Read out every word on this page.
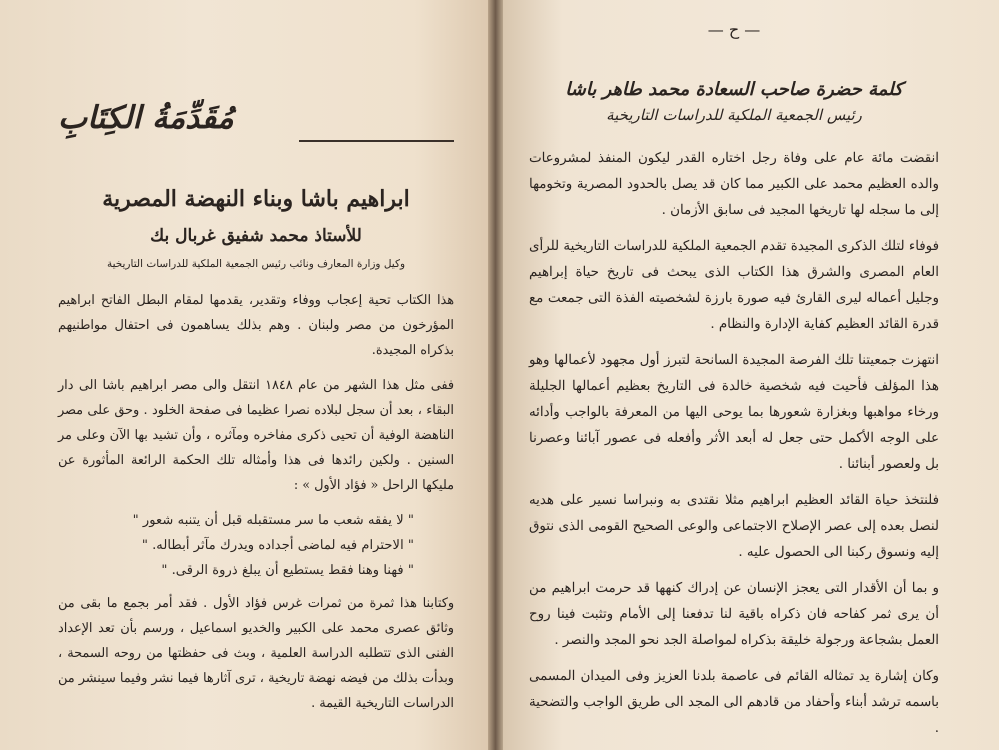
مُقَدِّمَةُ الكِتَابِ
ابراهيم باشا وبناء النهضة المصرية
للأستاذ محمد شفيق غربال بك
وكيل وزارة المعارف ونائب رئيس الجمعية الملكية للدراسات التاريخية

هذا الكتاب تحية إعجاب ووفاء وتقدير، يقدمها لمقام البطل الفاتح ابراهيم المؤرخون من مصر ولبنان . وهم بذلك يساهمون فى احتفال مواطنيهم بذكراه المجيدة.

ففى مثل هذا الشهر من عام ١٨٤٨ انتقل والى مصر ابراهيم باشا الى دار البقاء ، بعد أن سجل لبلاده نصرا عظيما فى صفحة الخلود . وحق على مصر الناهضة الوفية أن تحيى ذكرى مفاخره ومآثره ، وأن تشيد بها الآن وعلى مر السنين . ولكين رائدها فى هذا وأمثاله تلك الحكمة الرائعة المأثورة عن مليكها الراحل « فؤاد الأول » :

" لا يفقه شعب ما سر مستقبله قبل أن يتنبه شعور "

" الاحترام فيه لماضى أجداده ويدرك مآثر أبطاله. "

" فهنا وهنا فقط يستطيع أن يبلغ ذروة الرقى. "

وكتابنا هذا ثمرة من ثمرات غرس فؤاد الأول . فقد أمر بجمع ما بقى من وثائق عصرى محمد على الكبير والخديو اسماعيل ، ورسم بأن تعد الإعداد الفنى الذى تتطلبه الدراسة العلمية ، وبث فى حفظتها من روحه السمحة ، وبدأت بذلك من فيضه نهضة تاريخية ، ترى آثارها فيما نشر وفيما سينشر من الدراسات التاريخية القيمة .

— ح —
كلمة حضرة صاحب السعادة محمد طاهر باشا
رئيس الجمعية الملكية للدراسات التاريخية

انقضت مائة عام على وفاة رجل اختاره القدر ليكون المنفذ لمشروعات والده العظيم محمد على الكبير مما كان قد يصل بالحدود المصرية وتخومها إلى ما سجله لها تاريخها المجيد فى سابق الأزمان .

فوفاء لتلك الذكرى المجيدة تقدم الجمعية الملكية للدراسات التاريخية للرأى العام المصرى والشرق هذا الكتاب الذى يبحث فى تاريخ حياة إبراهيم وجليل أعماله ليرى القارئ فيه صورة بارزة لشخصيته الفذة التى جمعت مع قدرة القائد العظيم كفاية الإدارة والنظام .

انتهزت جمعيتنا تلك الفرصة المجيدة السانحة لتبرز أول مجهود لأعمالها وهو هذا المؤلف فأحيت فيه شخصية خالدة فى التاريخ بعظيم أعمالها الجليلة ورخاء مواهبها وبغزارة شعورها بما يوحى اليها من المعرفة بالواجب وأدائه على الوجه الأكمل حتى جعل له أبعد الأثر وأفعله فى عصور آبائنا وعصرنا بل ولعصور أبنائنا .

فلنتخذ حياة القائد العظيم ابراهيم مثلا نقتدى به ونبراسا نسير على هديه لنصل بعده إلى عصر الإصلاح الاجتماعى والوعى الصحيح القومى الذى نتوق إليه ونسوق ركبنا الى الحصول عليه .

و بما أن الأقدار التى يعجز الإنسان عن إدراك كنهها قد حرمت ابراهيم من أن يرى ثمر كفاحه فان ذكراه باقية لنا تدفعنا إلى الأمام وتثبت فينا روح العمل بشجاعة ورجولة خليقة بذكراه لمواصلة الجد نحو المجد والنصر .

وكان إشارة يد تمثاله القائم فى عاصمة بلدنا العزيز وفى الميدان المسمى باسمه ترشد أبناء وأحفاد من قادهم الى المجد الى طريق الواجب والتضحية .
